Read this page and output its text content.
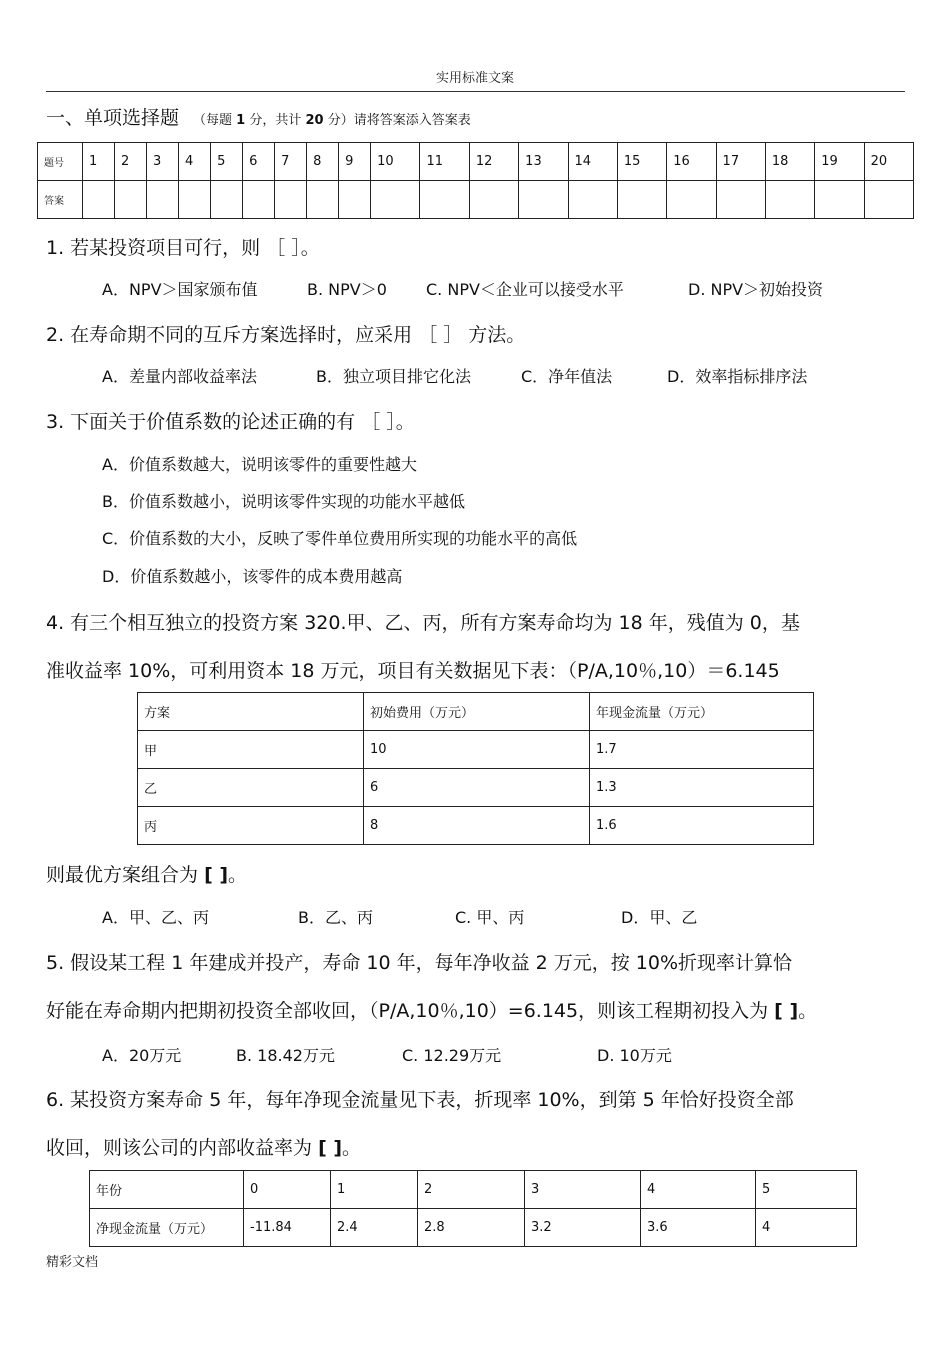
实用标准文案
一、单项选择题 （每题 1 分，共计 20 分）请将答案添入答案表
题号	1	2	3	4	5	6	7	8	9	10	11	12	13	14	15	16	17	18	19	20
答案																				
1. 若某投资项目可行，则 ［ ］。
A．NPV＞国家颁布值	B. NPV＞0 C. NPV＜企业可以接受水平	D. NPV＞初始投资
2. 在寿命期不同的互斥方案选择时，应采用 ［ ］ 方法。
A．差量内部收益率法	B．独立项目排它化法	C．净年值法	D．效率指标排序法
3. 下面关于价值系数的论述正确的有 ［ ］。
A．价值系数越大，说明该零件的重要性越大
B．价值系数越小，说明该零件实现的功能水平越低
C．价值系数的大小，反映了零件单位费用所实现的功能水平的高低
D．价值系数越小，该零件的成本费用越高
4. 有三个相互独立的投资方案 320.甲、乙、丙，所有方案寿命均为 18 年，残值为 0，基
准收益率 10%，可利用资本 18 万元，项目有关数据见下表：（P/A,10％,10）＝6.145
方案	初始费用（万元）	年现金流量（万元）
甲	10	1.7
乙	6	1.3
丙	8	1.6
则最优方案组合为 [ ]。
A．甲、乙、丙	B．乙、丙	C. 甲、丙	D．甲、乙
5. 假设某工程 1 年建成并投产，寿命 10 年，每年净收益 2 万元，按 10%折现率计算恰
好能在寿命期内把期初投资全部收回，（P/A,10％,10）=6.145，则该工程期初投入为 [ ]。
A．20万元	B. 18.42万元	C. 12.29万元	D. 10万元
6. 某投资方案寿命 5 年，每年净现金流量见下表，折现率 10%，到第 5 年恰好投资全部
收回，则该公司的内部收益率为 [ ]。
年份	0	1	2	3	4	5
净现金流量（万元）	-11.84	2.4	2.8	3.2	3.6	4
精彩文档
